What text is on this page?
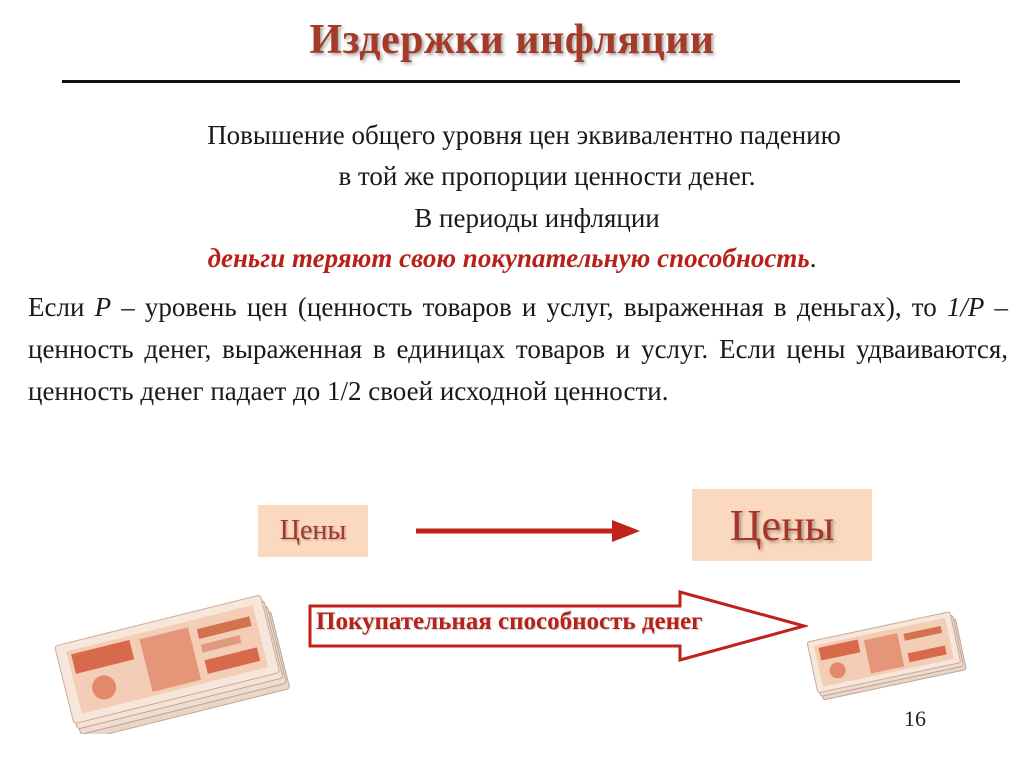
Издержки инфляции
Повышение общего уровня цен эквивалентно падению
в той же пропорции ценности денег.
В периоды инфляции
деньги теряют свою покупательную способность.
Если P – уровень цен (ценность товаров и услуг, выраженная в деньгах), то 1/P – ценность денег, выраженная в единицах товаров и услуг. Если цены удваиваются, ценность денег падает до 1/2 своей исходной ценности.
Цены	Цены
Покупательная способность денег
16
